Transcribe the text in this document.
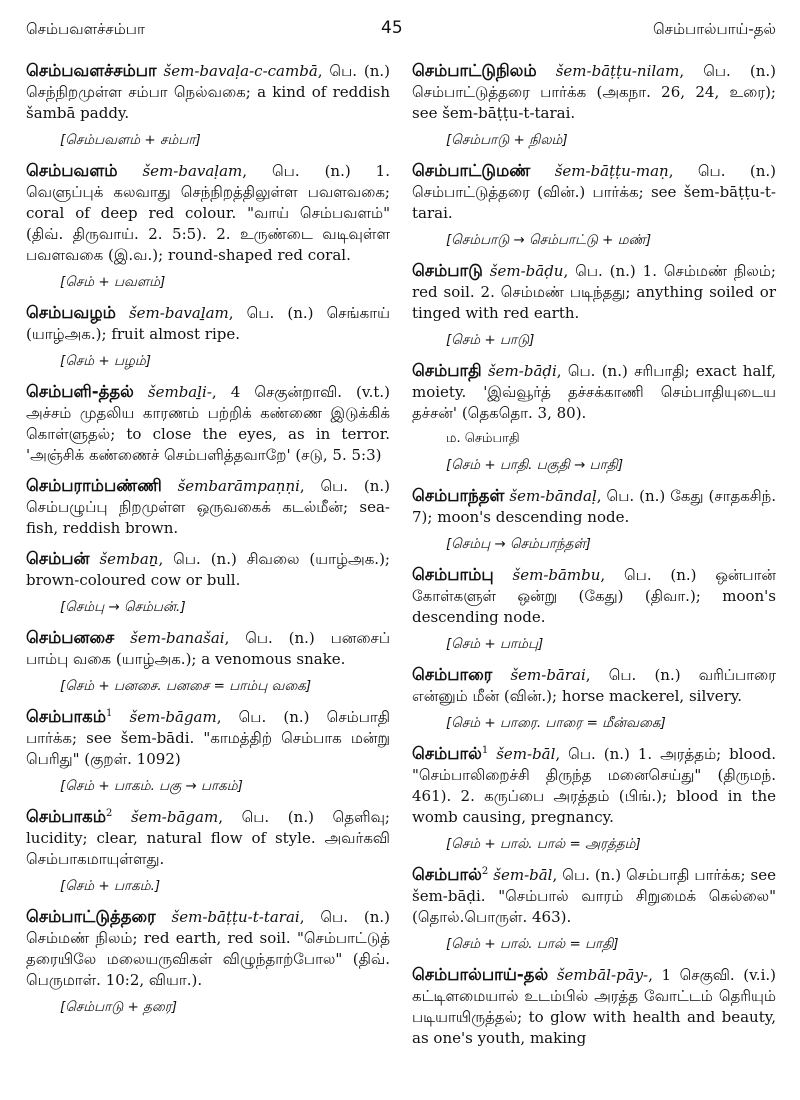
செம்பவளச்சம்பா	45	செம்பால்பாய்-தல்
செம்பவளச்சம்பா šem-bavaḷa-c-cambā, பெ. (n.) செந்நிறமுள்ள சம்பா நெல்வகை; a kind of reddish šambā paddy.
[செம்பவளம் + சம்பா]
செம்பவளம் šem-bavaḷam, பெ. (n.) 1. வெளுப்புக் கலவாது செந்நிறத்திலுள்ள பவளவகை; coral of deep red colour. "வாய் செம்பவளம்" (திவ். திருவாய். 2. 5:5). 2. உருண்டை வடிவுள்ள பவளவகை (இ.வ.); round-shaped red coral.
[செம் + பவளம்]
செம்பவழம் šem-bavaḻam, பெ. (n.) செங்காய் (யாழ்அக.); fruit almost ripe.
[செம் + பழம்]
செம்பளி-த்தல் šembaḻi-, 4 செகுன்றாவி. (v.t.) அச்சம் முதலிய காரணம் பற்றிக் கண்ணை இடுக்கிக் கொள்ளுதல்; to close the eyes, as in terror. 'அஞ்சிக் கண்ணைச் செம்பளித்தவாறே' (சடு, 5. 5:3)
செம்பராம்பண்ணி šembarāmpaṇṇi, பெ. (n.) செம்பழுப்பு நிறமுள்ள ஒருவகைக் கடல்மீன்; sea-fish, reddish brown.
செம்பன் šembaṉ, பெ. (n.) சிவலை (யாழ்அக.); brown-coloured cow or bull.
[செம்பு → செம்பன்.]
செம்பனசை šem-banašai, பெ. (n.) பனசைப் பாம்பு வகை (யாழ்அக.); a venomous snake.
[செம் + பனசை. பனசை = பாம்பு வகை]
செம்பாகம்$^1$ šem-bāgam, பெ. (n.) செம்பாதி பார்க்க; see šem-bādi. "காமத்திற் செம்பாக மன்று பெரிது" (குறள். 1092)
[செம் + பாகம். பகு → பாகம்]
செம்பாகம்$^2$ šem-bāgam, பெ. (n.) தெளிவு; lucidity; clear, natural flow of style. அவர்கவி செம்பாகமாயுள்ளது.
[செம் + பாகம்.]
செம்பாட்டுத்தரை šem-bāṭṭu-t-tarai, பெ. (n.) செம்மண் நிலம்; red earth, red soil. "செம்பாட்டுத் தரையிலே மலையருவிகள் விழுந்தாற்போல" (திவ். பெருமாள். 10:2, வியா.).
[செம்பாடு + தரை]
செம்பாட்டுநிலம் šem-bāṭṭu-nilam, பெ. (n.) செம்பாட்டுத்தரை பார்க்க (அகநா. 26, 24, உரை); see šem-bāṭṭu-t-tarai.
[செம்பாடு + நிலம்]
செம்பாட்டுமண் šem-bāṭṭu-maṇ, பெ. (n.) செம்பாட்டுத்தரை (வின்.) பார்க்க; see šem-bāṭṭu-t-tarai.
[செம்பாடு → செம்பாட்டு + மண்]
செம்பாடு šem-bāḍu, பெ. (n.) 1. செம்மண் நிலம்; red soil. 2. செம்மண் படிந்தது; anything soiled or tinged with red earth.
[செம் + பாடு]
செம்பாதி šem-bāḍi, பெ. (n.) சரிபாதி; exact half, moiety. 'இவ்வூர்த் தச்சக்காணி செம்பாதியுடைய தச்சன்' (தெகதொ. 3, 80).
ம. செம்பாதி
[செம் + பாதி. பகுதி → பாதி]
செம்பாந்தள் šem-bāndaḷ, பெ. (n.) கேது (சாதகசிந். 7); moon's descending node.
[செம்பு → செம்பாந்தள்]
செம்பாம்பு šem-bāmbu, பெ. (n.) ஒன்பான் கோள்களுள் ஒன்று (கேது) (திவா.); moon's descending node.
[செம் + பாம்பு]
செம்பாரை šem-bārai, பெ. (n.) வரிப்பாரை என்னும் மீன் (வின்.); horse mackerel, silvery.
[செம் + பாரை. பாரை = மீன்வகை]
செம்பால்$^1$ šem-bāl, பெ. (n.) 1. அரத்தம்; blood. "செம்பாலிறைச்சி திருந்த மனைசெய்து" (திருமந். 461). 2. கருப்பை அரத்தம் (பிங்.); blood in the womb causing, pregnancy.
[செம் + பால். பால் = அரத்தம்]
செம்பால்$^2$ šem-bāl, பெ. (n.) செம்பாதி பார்க்க; see šem-bāḍi. "செம்பால் வாரம் சிறுமைக் கெல்லை" (தொல்.பொருள். 463).
[செம் + பால். பால் = பாதி]
செம்பால்பாய்-தல் šembāl-pāy-, 1 செகுவி. (v.i.) கட்டிளமையால் உடம்பில் அரத்த வோட்டம் தெரியும் படியாயிருத்தல்; to glow with health and beauty, as one's youth, making
